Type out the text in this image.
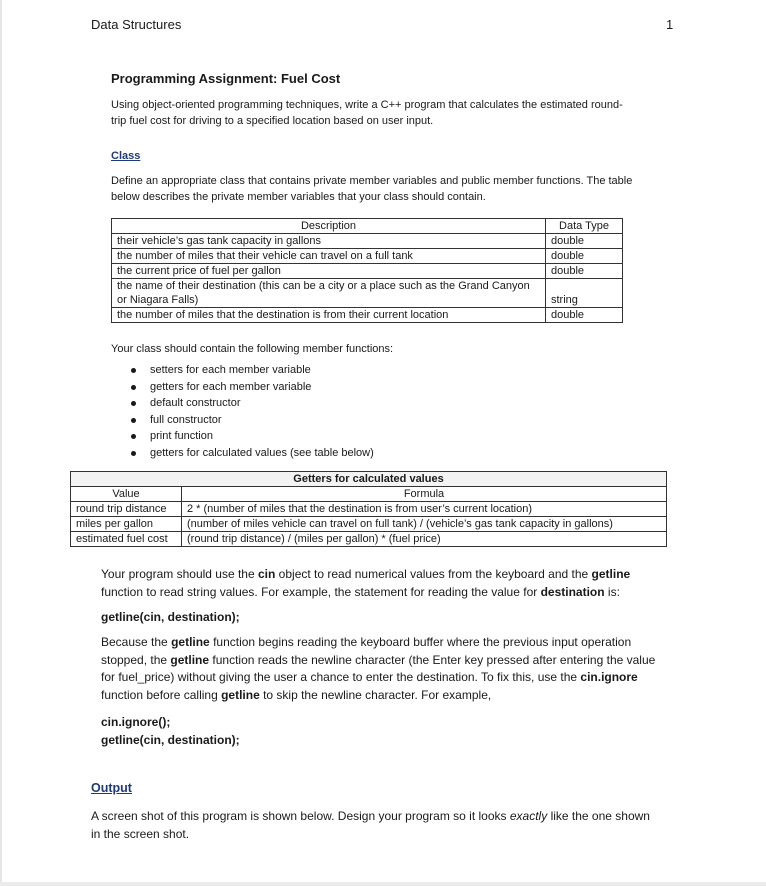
Data Structures	1
Programming Assignment: Fuel Cost
Using object-oriented programming techniques, write a C++ program that calculates the estimated round-trip fuel cost for driving to a specified location based on user input.
Class
Define an appropriate class that contains private member variables and public member functions. The table below describes the private member variables that your class should contain.
Description	Data Type
their vehicle’s gas tank capacity in gallons	double
the number of miles that their vehicle can travel on a full tank	double
the current price of fuel per gallon	double
the name of their destination (this can be a city or a place such as the Grand Canyon or Niagara Falls)	string
the number of miles that the destination is from their current location	double
Your class should contain the following member functions:
setters for each member variable
getters for each member variable
default constructor
full constructor
print function
getters for calculated values (see table below)
Getters for calculated values	
Value	Formula
round trip distance	2 * (number of miles that the destination is from user’s current location)
miles per gallon	(number of miles vehicle can travel on full tank) / (vehicle’s gas tank capacity in gallons)
estimated fuel cost	(round trip distance) / (miles per gallon) * (fuel price)
Your program should use the cin object to read numerical values from the keyboard and the getline function to read string values. For example, the statement for reading the value for destination is:
getline(cin, destination);
Because the getline function begins reading the keyboard buffer where the previous input operation stopped, the getline function reads the newline character (the Enter key pressed after entering the value for fuel_price) without giving the user a chance to enter the destination. To fix this, use the cin.ignore function before calling getline to skip the newline character. For example,
cin.ignore();
getline(cin, destination);
Output
A screen shot of this program is shown below. Design your program so it looks exactly like the one shown in the screen shot.
